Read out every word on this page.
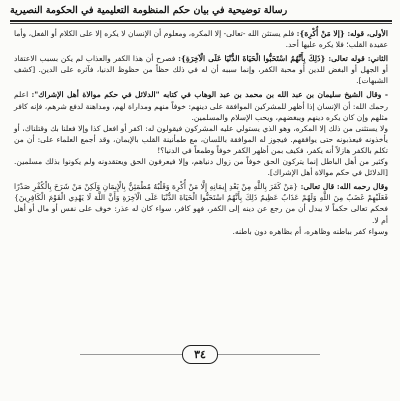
رسالة توضيحية في بيان حكم المنظومة التعليمية في الحكومة النصيرية

الأولى، قوله: {إلا مَنْ أُكْرِهَ}: فلم يستثن الله -تعالى- إلا المكره، ومعلوم أن الإنسان لا يكره إلا على الكلام أو الفعل، وأما عقيدة القلب؛ فلا يكره عليها أحد.

الثاني: قوله تعالى: {ذَلِكَ بِأَنَّهُمُ اسْتَحَبُّوا الْحَيَاةَ الدُّنْيَا عَلَى الْآخِرَةِ}: فصرح أن هذا الكفر والعذاب لم يكن بسبب الاعتقاد أو الجهل أو البغض للدين أو محبة الكفر، وإنما سببه أن له في ذلك حظاً من حظوظ الدنيا، فآثره على الدين. [كشف الشبهات].

- وقال الشيخ سليمان بن عبد الله بن محمد بن عبد الوهاب في كتابه "الدلائل في حكم موالاة أهل الإشراك": اعلم رحمك الله: أن الإنسان إذا أظهر للمشركين الموافقة على دينهم: خوفاً منهم ومداراة لهم، ومداهنة لدفع شرهم، فإنه كافر مثلهم وإن كان يكره دينهم ويبغضهم، ويحب الإسلام والمسلمين.

ولا يستثنى من ذلك إلا المكره، وهو الذي يستولي عليه المشركون فيقولون له: اكفر أو افعل كذا وإلا فعلنا بك وقتلناك، أو يأخذونه فيعذبونه حتى يوافقهم. فيجوز له الموافقة باللسان، مع طمأنينة القلب بالإيمان، وقد أجمع العلماء على: أن من تكلم بالكفر هازلاً أنه يكفر، فكيف بمن أظهر الكفر خوفاً وطمعاً في الدنيا؟!

وكثير من أهل الباطل إنما يتركون الحق خوفاً من زوال دنياهم، وإلا فيعرفون الحق ويعتقدونه ولم يكونوا بذلك مسلمين. [الدلائل في حكم موالاة أهل الإشراك].

وقال رحمه الله: قال تعالى: {مَنْ كَفَرَ بِاللَّهِ مِنْ بَعْدِ إِيمَانِهِ إِلَّا مَنْ أُكْرِهَ وَقَلْبُهُ مُطْمَئِنٌّ بِالْإِيمَانِ وَلَكِنْ مَنْ شَرَحَ بِالْكُفْرِ صَدْرًا فَعَلَيْهِمْ غَضَبٌ مِنَ اللَّهِ وَلَهُمْ عَذَابٌ عَظِيمٌ ذَلِكَ بِأَنَّهُمُ اسْتَحَبُّوا الْحَيَاةَ الدُّنْيَا عَلَى الْآخِرَةِ وَأَنَّ اللَّهَ لَا يَهْدِي الْقَوْمَ الْكَافِرِينَ} فحكم تعالى حكماً لا يبدل أن من رجع عن دينه إلى الكفر، فهو كافر، سواء كان له عذر: خوف على نفس أو مال أو أهل أم لا.

وسواء كفر بباطنه وظاهره، أم بظاهره دون باطنه.

٣٤
